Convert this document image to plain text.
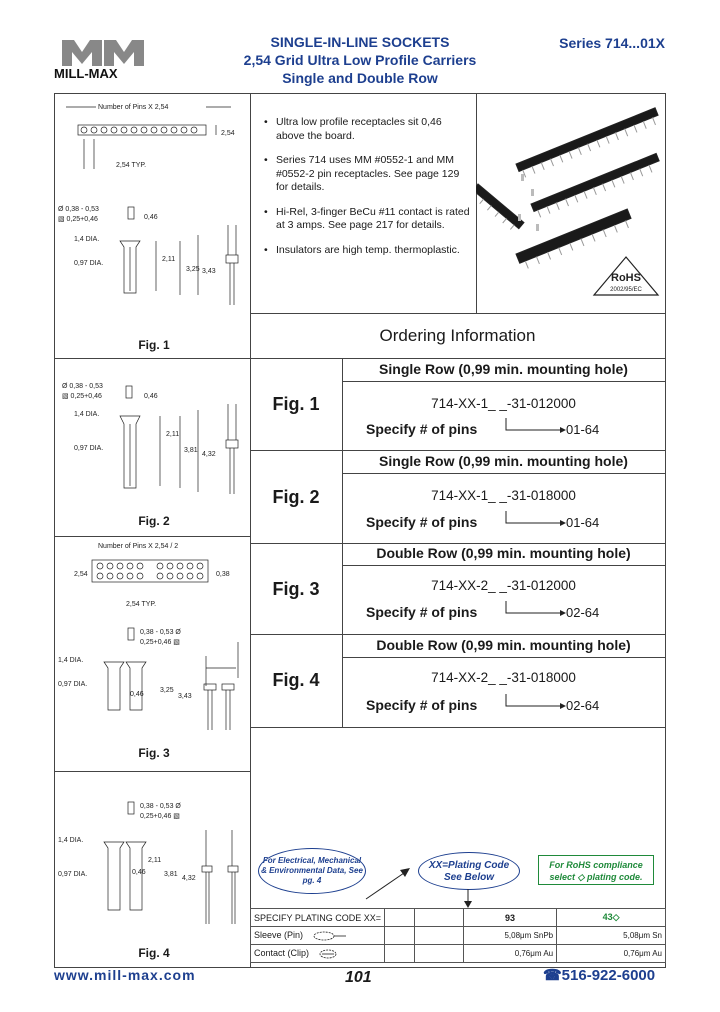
MILL-MAX
SINGLE-IN-LINE SOCKETS
2,54 Grid Ultra Low Profile Carriers
Single and Double Row
Series 714...01X
Number of Pins X 2,54
2,54
2,54 TYP.
Ø 0,38 - 0,53
▧ 0,25+0,46	0,46
1,4 DIA.
0,97 DIA.
2,11
3,25 3,43
Fig. 1
Ø 0,38 - 0,53
▧ 0,25+0,46	0,46
1,4 DIA.
0,97 DIA.
2,11
3,81
4,32
Fig. 2
Number of Pins X 2,54 / 2
2,54	0,38
2,54 TYP.
0,38 - 0,53 Ø
0,25+0,46 ▧
1,4 DIA.
0,97 DIA.
0,46
3,25
3,43
Fig. 3
0,38 - 0,53 Ø
0,25+0,46 ▧
1,4 DIA.
0,97 DIA.
2,11
0,46	3,81
4,32
Fig. 4
• Ultra low profile receptacles sit 0,46 above the board.
• Series 714 uses MM #0552-1 and MM #0552-2 pin receptacles. See page 129 for details.
• Hi-Rel, 3-finger BeCu #11 contact is rated at 3 amps. See page 217 for details.
• Insulators are high temp. thermoplastic.
RoHS
2002/95/EC
Ordering Information
Fig. 1
Single Row (0,99 min. mounting hole)
714-XX-1_ _-31-012000
Specify # of pins	01-64
Fig. 2
Single Row (0,99 min. mounting hole)
714-XX-1_ _-31-018000
Specify # of pins	01-64
Fig. 3
Double Row (0,99 min. mounting hole)
714-XX-2_ _-31-012000
Specify # of pins	02-64
Fig. 4
Double Row (0,99 min. mounting hole)
714-XX-2_ _-31-018000
Specify # of pins	02-64
For Electrical, Mechanical & Environmental Data, See pg. 4
XX=Plating Code
See Below
For RoHS compliance
select ◇ plating code.
SPECIFY PLATING CODE XX=			93	43◇
Sleeve (Pin)			5,08μm SnPb	5,08μm Sn
Contact (Clip)			0,76μm Au	0,76μm Au
www.mill-max.com	101	☎516-922-6000
